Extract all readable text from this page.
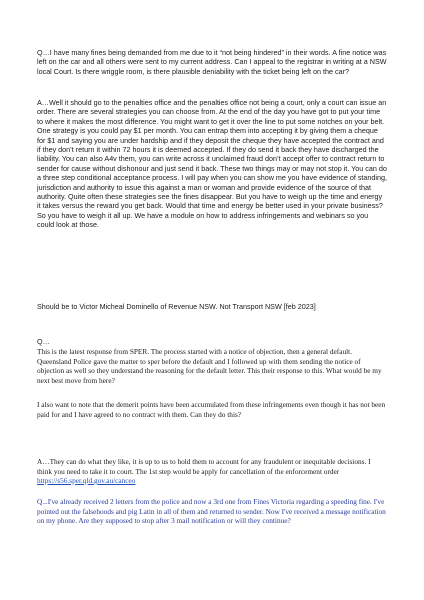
Q…I have many fines being demanded from me due to it “not being hindered” in their words. A fine notice was left on the car and all others were sent to my current address. Can I appeal to the registrar in writing at a NSW local Court. Is there wriggle room, is there plausible deniability with the ticket being left on the car?

A…Well it should go to the penalties office and the penalties office not being a court, only a court can issue an order. There are several strategies you can choose from. At the end of the day you have got to put your time to where it makes the most difference. You might want to get it over the line to put some notches on your belt. One strategy is you could pay $1 per month. You can entrap them into accepting it by giving them a cheque for $1 and saying you are under hardship and if they deposit the cheque they have accepted the contract and if they don’t return it within 72 hours it is deemed accepted. If they do send it back they have discharged the liability. You can also A4v them, you can write across it unclaimed fraud don’t accept offer to contract return to sender for cause without dishonour and just send it back. These two things may or may not stop it. You can do a three step conditional acceptance process. I will pay when you can show me you have evidence of standing, jurisdiction and authority to issue this against a man or woman and provide evidence of the source of that authority. Quite often these strategies see the fines disappear. But you have to weigh up the time and energy it takes versus the reward you get back. Would that time and energy be better used in your private business? So you have to weigh it all up. We have a module on how to address infringements and webinars so you could look at those.

Should be to Victor Micheal Dominello of Revenue NSW. Not Transport NSW [feb 2023]

Q…

This is the latest response from SPER. The process started with a notice of objection, then a general default. Queensland Police gave the matter to sper before the default and I followed up with them sending the notice of objection as well so they understand the reasoning for the default letter. This their response to this. What would be my next best move from here?

I also want to note that the demerit points have been accumulated from these infringements even though it has not been paid for and I have agreed to no contract with them. Can they do this?

A…They can do what they like, it is up to us to hold them to account for any fraudulent or inequitable decisions. I think you need to take it to court. The 1st step would be apply for cancellation of the enforcement order https://s56.sper.qld.gov.au/canceo

Q...I've already received 2 letters from the police and now a 3rd one from Fines Victoria regarding a speeding fine. I've pointed out the falsehoods and pig Latin in all of them and returned to sender. Now I've received a message notification on my phone. Are they supposed to stop after 3 mail notification or will they continue?
